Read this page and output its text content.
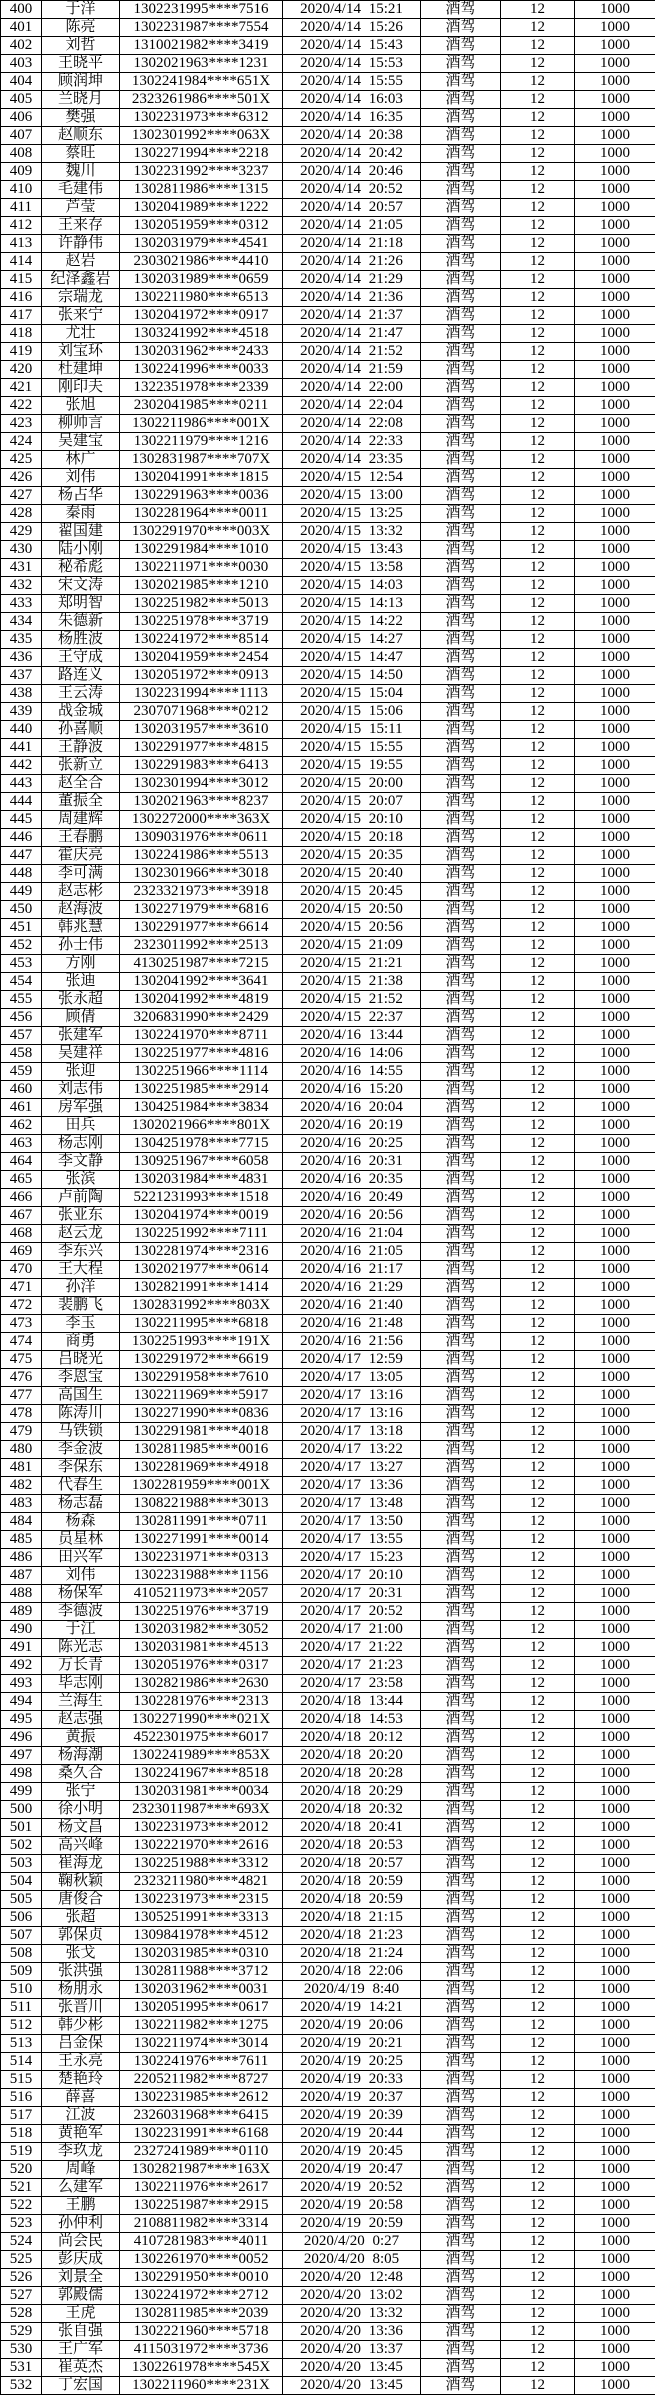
400	于洋	1302231995****7516	2020/4/14 15:21	酒驾	12	1000
401	陈亮	1302231987****7554	2020/4/14 15:26	酒驾	12	1000
402	刘哲	1310021982****3419	2020/4/14 15:43	酒驾	12	1000
403	王晓平	1302021963****1231	2020/4/14 15:53	酒驾	12	1000
404	顾润坤	1302241984****651X	2020/4/14 15:55	酒驾	12	1000
405	兰晓月	2323261986****501X	2020/4/14 16:03	酒驾	12	1000
406	樊强	1302231973****6312	2020/4/14 16:35	酒驾	12	1000
407	赵顺东	1302301992****063X	2020/4/14 20:38	酒驾	12	1000
408	蔡旺	1302271994****2218	2020/4/14 20:42	酒驾	12	1000
409	魏川	1302231992****3237	2020/4/14 20:46	酒驾	12	1000
410	毛建伟	1302811986****1315	2020/4/14 20:52	酒驾	12	1000
411	芦莹	1302041989****1222	2020/4/14 20:57	酒驾	12	1000
412	王来存	1302051959****0312	2020/4/14 21:05	酒驾	12	1000
413	许静伟	1302031979****4541	2020/4/14 21:18	酒驾	12	1000
414	赵岩	2303021986****4410	2020/4/14 21:26	酒驾	12	1000
415	纪泽鑫岩	1302031989****0659	2020/4/14 21:29	酒驾	12	1000
416	宗瑞龙	1302211980****6513	2020/4/14 21:36	酒驾	12	1000
417	张来宁	1302041972****0917	2020/4/14 21:37	酒驾	12	1000
418	尤壮	1303241992****4518	2020/4/14 21:47	酒驾	12	1000
419	刘宝环	1302031962****2433	2020/4/14 21:52	酒驾	12	1000
420	杜建坤	1302241996****0033	2020/4/14 21:59	酒驾	12	1000
421	刚印夫	1322351978****2339	2020/4/14 22:00	酒驾	12	1000
422	张旭	2302041985****0211	2020/4/14 22:04	酒驾	12	1000
423	柳帅言	1302211986****001X	2020/4/14 22:08	酒驾	12	1000
424	吴建宝	1302211979****1216	2020/4/14 22:33	酒驾	12	1000
425	林广	1302831987****707X	2020/4/14 23:35	酒驾	12	1000
426	刘伟	1302041991****1815	2020/4/15 12:54	酒驾	12	1000
427	杨占华	1302291963****0036	2020/4/15 13:00	酒驾	12	1000
428	秦雨	1302281964****0011	2020/4/15 13:25	酒驾	12	1000
429	翟国建	1302291970****003X	2020/4/15 13:32	酒驾	12	1000
430	陆小刚	1302291984****1010	2020/4/15 13:43	酒驾	12	1000
431	秘希彪	1302211971****0030	2020/4/15 13:58	酒驾	12	1000
432	宋文涛	1302021985****1210	2020/4/15 14:03	酒驾	12	1000
433	郑明智	1302251982****5013	2020/4/15 14:13	酒驾	12	1000
434	朱德新	1302251978****3719	2020/4/15 14:22	酒驾	12	1000
435	杨胜波	1302241972****8514	2020/4/15 14:27	酒驾	12	1000
436	王守成	1302041959****2454	2020/4/15 14:47	酒驾	12	1000
437	路连义	1302051972****0913	2020/4/15 14:50	酒驾	12	1000
438	王云涛	1302231994****1113	2020/4/15 15:04	酒驾	12	1000
439	战金城	2307071968****0212	2020/4/15 15:06	酒驾	12	1000
440	孙喜顺	1302031957****3610	2020/4/15 15:11	酒驾	12	1000
441	王静波	1302291977****4815	2020/4/15 15:55	酒驾	12	1000
442	张新立	1302291983****6413	2020/4/15 19:55	酒驾	12	1000
443	赵全合	1302301994****3012	2020/4/15 20:00	酒驾	12	1000
444	董振全	1302021963****8237	2020/4/15 20:07	酒驾	12	1000
445	周建辉	1302272000****363X	2020/4/15 20:10	酒驾	12	1000
446	王春鹏	1309031976****0611	2020/4/15 20:18	酒驾	12	1000
447	霍庆亮	1302241986****5513	2020/4/15 20:35	酒驾	12	1000
448	李可满	1302301966****3018	2020/4/15 20:40	酒驾	12	1000
449	赵志彬	2323321973****3918	2020/4/15 20:45	酒驾	12	1000
450	赵海波	1302271979****6816	2020/4/15 20:50	酒驾	12	1000
451	韩兆慧	1302291977****6614	2020/4/15 20:56	酒驾	12	1000
452	孙士伟	2323011992****2513	2020/4/15 21:09	酒驾	12	1000
453	方刚	4130251987****7215	2020/4/15 21:21	酒驾	12	1000
454	张迪	1302041992****3641	2020/4/15 21:38	酒驾	12	1000
455	张永超	1302041992****4819	2020/4/15 21:52	酒驾	12	1000
456	顾倩	3206831990****2429	2020/4/15 22:37	酒驾	12	1000
457	张建军	1302241970****8711	2020/4/16 13:44	酒驾	12	1000
458	吴建祥	1302251977****4816	2020/4/16 14:06	酒驾	12	1000
459	张迎	1302251966****1114	2020/4/16 14:55	酒驾	12	1000
460	刘志伟	1302251985****2914	2020/4/16 15:20	酒驾	12	1000
461	房军强	1304251984****3834	2020/4/16 20:04	酒驾	12	1000
462	田兵	1302021966****801X	2020/4/16 20:19	酒驾	12	1000
463	杨志刚	1304251978****7715	2020/4/16 20:25	酒驾	12	1000
464	李文静	1309251967****6058	2020/4/16 20:31	酒驾	12	1000
465	张滨	1302031984****4831	2020/4/16 20:35	酒驾	12	1000
466	卢前陶	5221231993****1518	2020/4/16 20:49	酒驾	12	1000
467	张亚东	1302041974****0019	2020/4/16 20:56	酒驾	12	1000
468	赵云龙	1302251992****7111	2020/4/16 21:04	酒驾	12	1000
469	李东兴	1302281974****2316	2020/4/16 21:05	酒驾	12	1000
470	王大程	1302021977****0614	2020/4/16 21:17	酒驾	12	1000
471	孙洋	1302821991****1414	2020/4/16 21:29	酒驾	12	1000
472	裴鹏飞	1302831992****803X	2020/4/16 21:40	酒驾	12	1000
473	李玉	1302211995****6818	2020/4/16 21:48	酒驾	12	1000
474	商勇	1302251993****191X	2020/4/16 21:56	酒驾	12	1000
475	吕晓光	1302291972****6619	2020/4/17 12:59	酒驾	12	1000
476	李恩宝	1302291958****7610	2020/4/17 13:05	酒驾	12	1000
477	高国生	1302211969****5917	2020/4/17 13:16	酒驾	12	1000
478	陈涛川	1302271990****0836	2020/4/17 13:16	酒驾	12	1000
479	马铁锁	1302291981****4018	2020/4/17 13:18	酒驾	12	1000
480	李金波	1302811985****0016	2020/4/17 13:22	酒驾	12	1000
481	李保东	1302281969****4918	2020/4/17 13:27	酒驾	12	1000
482	代春生	1302281959****001X	2020/4/17 13:36	酒驾	12	1000
483	杨志磊	1308221988****3013	2020/4/17 13:48	酒驾	12	1000
484	杨森	1302811991****0711	2020/4/17 13:50	酒驾	12	1000
485	员星林	1302271991****0014	2020/4/17 13:55	酒驾	12	1000
486	田兴军	1302231971****0313	2020/4/17 15:23	酒驾	12	1000
487	刘伟	1302231988****1156	2020/4/17 20:10	酒驾	12	1000
488	杨保军	4105211973****2057	2020/4/17 20:31	酒驾	12	1000
489	李德波	1302251976****3719	2020/4/17 20:52	酒驾	12	1000
490	于江	1302031982****3052	2020/4/17 21:00	酒驾	12	1000
491	陈光志	1302031981****4513	2020/4/17 21:22	酒驾	12	1000
492	万长青	1302051976****0317	2020/4/17 21:23	酒驾	12	1000
493	毕志刚	1302821986****2630	2020/4/17 23:58	酒驾	12	1000
494	兰海生	1302281976****2313	2020/4/18 13:44	酒驾	12	1000
495	赵志强	1302271990****021X	2020/4/18 14:53	酒驾	12	1000
496	黄振	4522301975****6017	2020/4/18 20:12	酒驾	12	1000
497	杨海潮	1302241989****853X	2020/4/18 20:20	酒驾	12	1000
498	桑久合	1302241967****8518	2020/4/18 20:28	酒驾	12	1000
499	张宁	1302031981****0034	2020/4/18 20:29	酒驾	12	1000
500	徐小明	2323011987****693X	2020/4/18 20:32	酒驾	12	1000
501	杨文昌	1302231973****2012	2020/4/18 20:41	酒驾	12	1000
502	高兴峰	1302221970****2616	2020/4/18 20:53	酒驾	12	1000
503	崔海龙	1302251988****3312	2020/4/18 20:57	酒驾	12	1000
504	鞠秋颖	2323211980****4821	2020/4/18 20:59	酒驾	12	1000
505	唐俊合	1302231973****2315	2020/4/18 20:59	酒驾	12	1000
506	张超	1305251991****3313	2020/4/18 21:15	酒驾	12	1000
507	郭保贞	1309841978****4512	2020/4/18 21:23	酒驾	12	1000
508	张戈	1302031985****0310	2020/4/18 21:24	酒驾	12	1000
509	张洪强	1302811988****3712	2020/4/18 22:06	酒驾	12	1000
510	杨朋永	1302031962****0031	2020/4/19 8:40	酒驾	12	1000
511	张晋川	1302051995****0617	2020/4/19 14:21	酒驾	12	1000
512	韩少彬	1302211982****1275	2020/4/19 20:06	酒驾	12	1000
513	吕金保	1302211974****3014	2020/4/19 20:21	酒驾	12	1000
514	王永亮	1302241976****7611	2020/4/19 20:25	酒驾	12	1000
515	楚艳玲	2205211982****8727	2020/4/19 20:33	酒驾	12	1000
516	薛喜	1302231985****2612	2020/4/19 20:37	酒驾	12	1000
517	江波	2326031968****6415	2020/4/19 20:39	酒驾	12	1000
518	黄艳军	1302231991****6168	2020/4/19 20:44	酒驾	12	1000
519	李玖龙	2327241989****0110	2020/4/19 20:45	酒驾	12	1000
520	周峰	1302821987****163X	2020/4/19 20:47	酒驾	12	1000
521	么建军	1302211976****2617	2020/4/19 20:52	酒驾	12	1000
522	王鹏	1302251987****2915	2020/4/19 20:58	酒驾	12	1000
523	孙仲利	2108811982****3314	2020/4/19 20:59	酒驾	12	1000
524	尚会民	4107281983****4011	2020/4/20 0:27	酒驾	12	1000
525	彭庆成	1302261970****0052	2020/4/20 8:05	酒驾	12	1000
526	刘景全	1302291950****0010	2020/4/20 12:48	酒驾	12	1000
527	郭殿儒	1302241972****2712	2020/4/20 13:02	酒驾	12	1000
528	王虎	1302811985****2039	2020/4/20 13:32	酒驾	12	1000
529	张自强	1302221960****5718	2020/4/20 13:36	酒驾	12	1000
530	王广军	4115031972****3736	2020/4/20 13:37	酒驾	12	1000
531	崔英杰	1302261978****545X	2020/4/20 13:45	酒驾	12	1000
532	丁宏国	1302211960****231X	2020/4/20 13:45	酒驾	12	1000
